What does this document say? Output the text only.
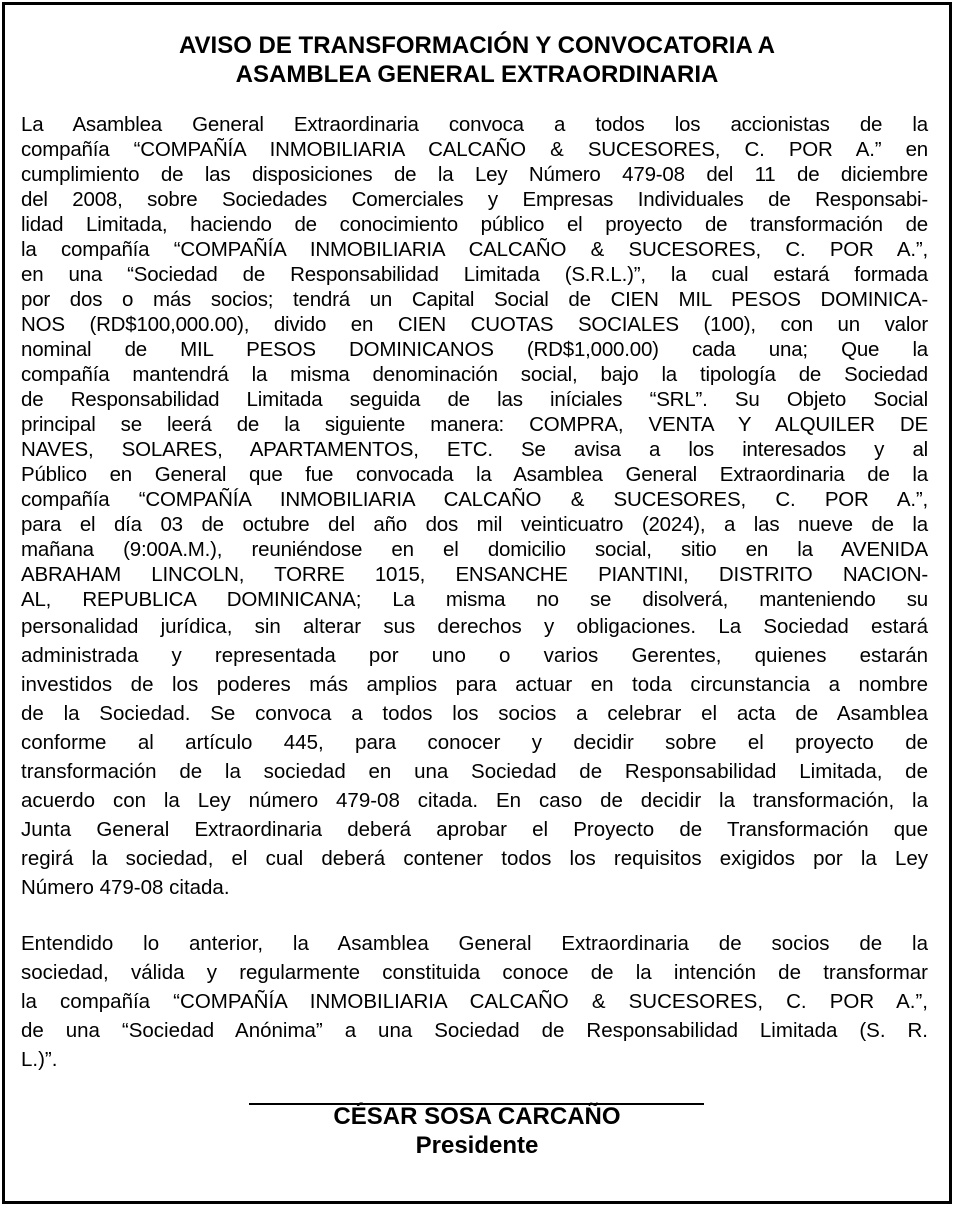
AVISO DE TRANSFORMACIÓN Y CONVOCATORIA A
ASAMBLEA GENERAL EXTRAORDINARIA
La Asamblea General Extraordinaria convoca a todos los accionistas de la
compañía “COMPAÑÍA INMOBILIARIA CALCAÑO & SUCESORES, C. POR A.” en
cumplimiento de las disposiciones de la Ley Número 479-08 del 11 de diciembre
del 2008, sobre Sociedades Comerciales y Empresas Individuales de Responsabi-
lidad Limitada, haciendo de conocimiento público el proyecto de transformación de
la compañía “COMPAÑÍA INMOBILIARIA CALCAÑO & SUCESORES, C. POR A.”,
en una “Sociedad de Responsabilidad Limitada (S.R.L.)”, la cual estará formada
por dos o más socios; tendrá un Capital Social de CIEN MIL PESOS DOMINICA-
NOS (RD$100,000.00), divido en CIEN CUOTAS SOCIALES (100), con un valor
nominal de MIL PESOS DOMINICANOS (RD$1,000.00) cada una; Que la
compañía mantendrá la misma denominación social, bajo la tipología de Sociedad
de Responsabilidad Limitada seguida de las iníciales “SRL”. Su Objeto Social
principal se leerá de la siguiente manera: COMPRA, VENTA Y ALQUILER DE
NAVES, SOLARES, APARTAMENTOS, ETC. Se avisa a los interesados y al
Público en General que fue convocada la Asamblea General Extraordinaria de la
compañía “COMPAÑÍA INMOBILIARIA CALCAÑO & SUCESORES, C. POR A.”,
para el día 03 de octubre del año dos mil veinticuatro (2024), a las nueve de la
mañana (9:00A.M.), reuniéndose en el domicilio social, sitio en la AVENIDA
ABRAHAM LINCOLN, TORRE 1015, ENSANCHE PIANTINI, DISTRITO NACION-
AL, REPUBLICA DOMINICANA; La misma no se disolverá, manteniendo su
personalidad jurídica, sin alterar sus derechos y obligaciones. La Sociedad estará
administrada y representada por uno o varios Gerentes, quienes estarán
investidos de los poderes más amplios para actuar en toda circunstancia a nombre
de la Sociedad. Se convoca a todos los socios a celebrar el acta de Asamblea
conforme al artículo 445, para conocer y decidir sobre el proyecto de
transformación de la sociedad en una Sociedad de Responsabilidad Limitada, de
acuerdo con la Ley número 479-08 citada. En caso de decidir la transformación, la
Junta General Extraordinaria deberá aprobar el Proyecto de Transformación que
regirá la sociedad, el cual deberá contener todos los requisitos exigidos por la Ley
Número 479-08 citada.
Entendido lo anterior, la Asamblea General Extraordinaria de socios de la
sociedad, válida y regularmente constituida conoce de la intención de transformar
la compañía “COMPAÑÍA INMOBILIARIA CALCAÑO & SUCESORES, C. POR A.”,
de una “Sociedad Anónima” a una Sociedad de Responsabilidad Limitada (S. R.
L.)”.
CÉSAR SOSA CARCAÑO
Presidente
